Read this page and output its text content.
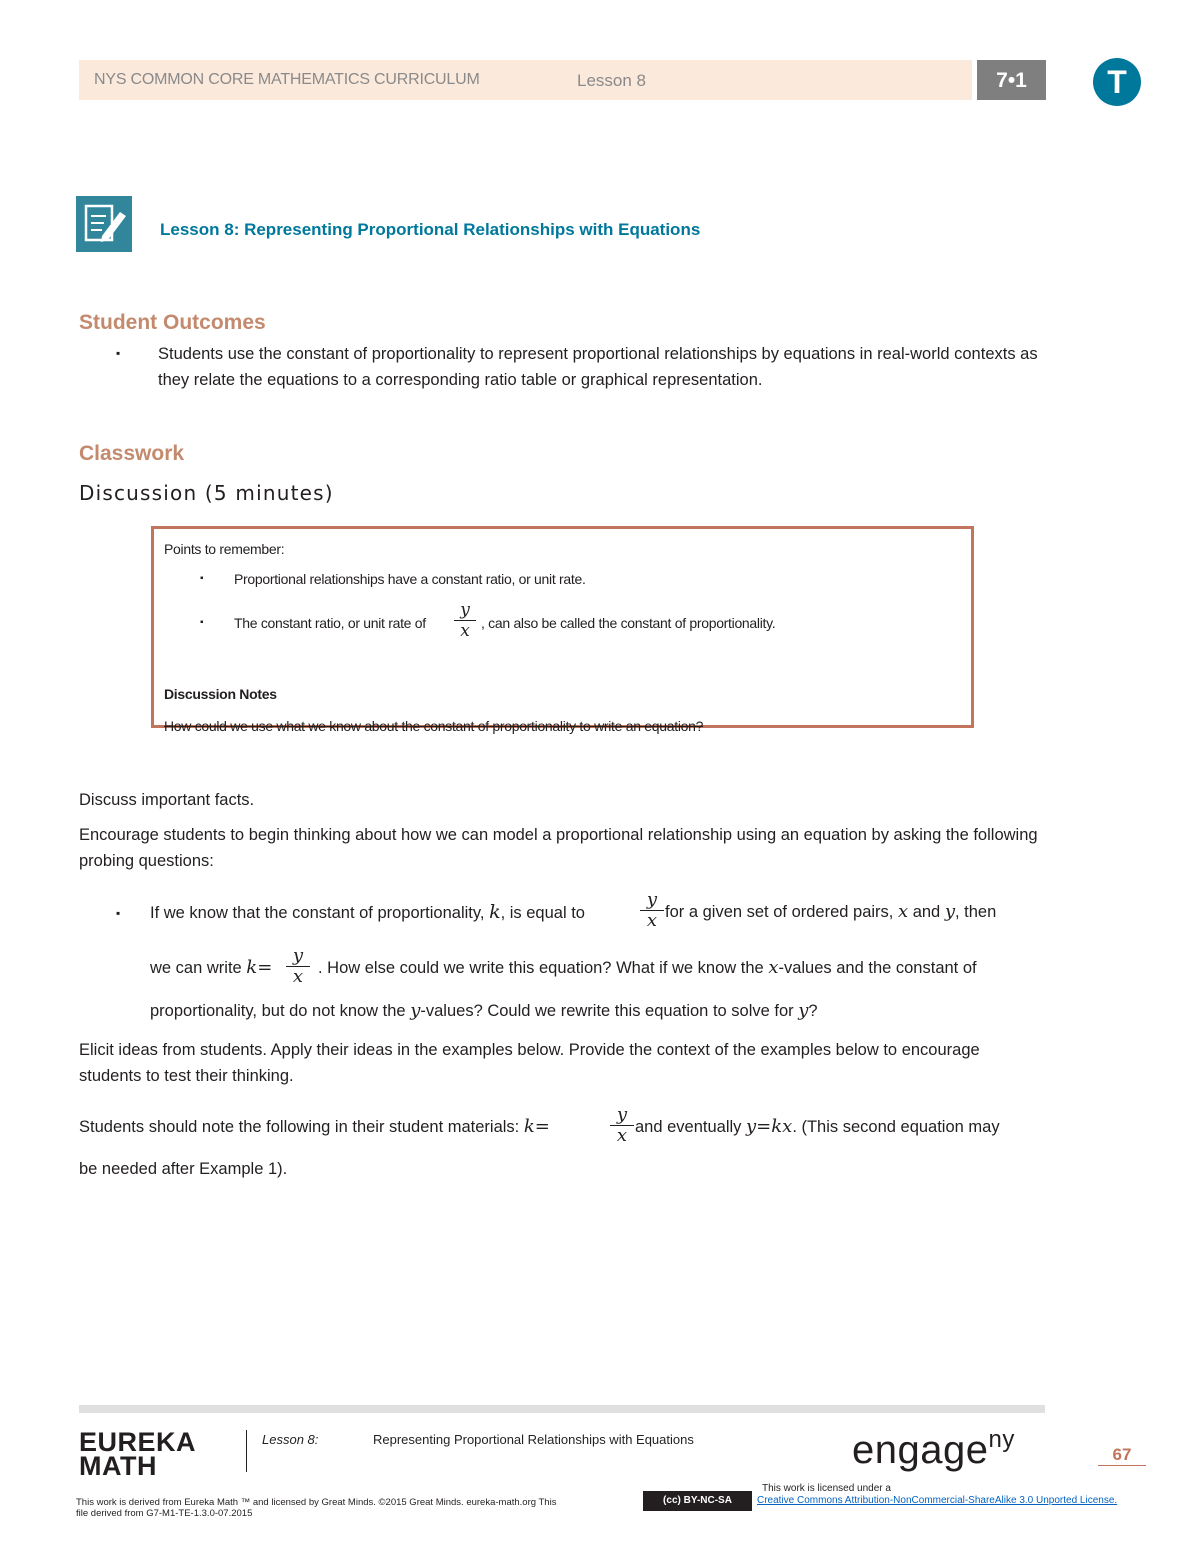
NYS COMMON CORE MATHEMATICS CURRICULUM	Lesson 8	7•1	T
Lesson 8: Representing Proportional Relationships with Equations
Student Outcomes
▪ Students use the constant of proportionality to represent proportional relationships by equations in real-world contexts as they relate the equations to a corresponding ratio table or graphical representation.
Classwork
Discussion (5 minutes)
Points to remember:
▪ Proportional relationships have a constant ratio, or unit rate.
▪ The constant ratio, or unit rate of
y
x , can also be called the constant of proportionality.
Discussion Notes
How could we use what we know about the constant of proportionality to write an equation?
Discuss important facts.
Encourage students to begin thinking about how we can model a proportional relationship using an equation by asking the following probing questions:
▪ If we know that the constant of proportionality, k, is equal to
y
x for a given set of ordered pairs, x and y, then
we can write k=
y
x . How else could we write this equation? What if we know the x-values and the constant of
proportionality, but do not know the y-values? Could we rewrite this equation to solve for y?
Elicit ideas from students. Apply their ideas in the examples below. Provide the context of the examples below to encourage students to test their thinking.
Students should note the following in their student materials: k=
y
x and eventually y=kx. (This second equation may
be needed after Example 1).
EUREKA
MATH
Lesson 8:	Representing Proportional Relationships with Equations	engage$^{ny}$
67
This work is derived from Eureka Math ™ and licensed by Great Minds. ©2015 Great Minds. eureka-math.org This file derived from G7-M1-TE-1.3.0-07.2015
(cc) BY-NC-SA
This work is licensed under a
Creative Commons Attribution-NonCommercial-ShareAlike 3.0 Unported License.
